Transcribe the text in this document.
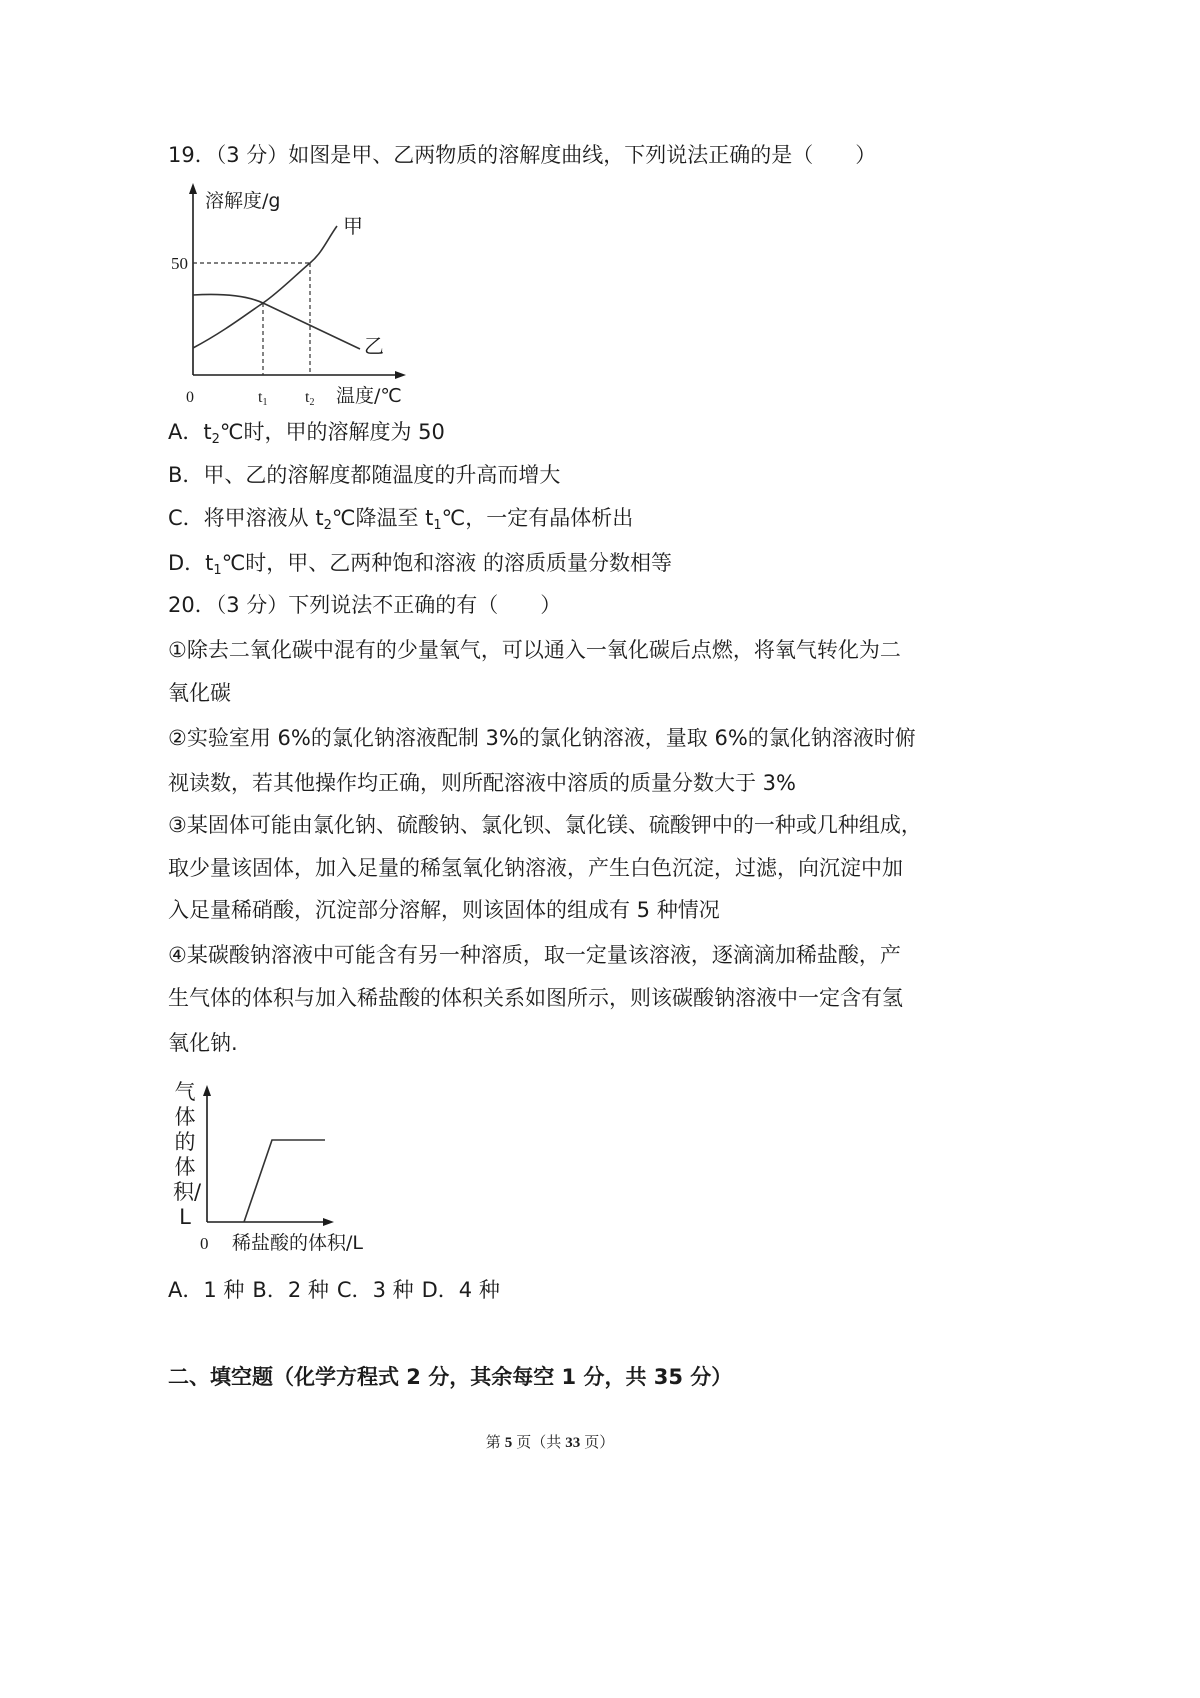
19．（3 分）如图是甲、乙两物质的溶解度曲线，下列说法正确的是（　　）
溶解度/g
甲
50
乙
0	t1 t2 温度/℃
A．$t_2℃$时，甲的溶解度为 50
B．甲、乙的溶解度都随温度的升高而增大
C．将甲溶液从 $t_2℃$降温至 $t_1℃$，一定有晶体析出
D．$t_1℃$时，甲、乙两种饱和溶液 的溶质质量分数相等
20．（3 分）下列说法不正确的有（　　）
①除去二氧化碳中混有的少量氧气，可以通入一氧化碳后点燃，将氧气转化为二
氧化碳
②实验室用 6%的氯化钠溶液配制 3%的氯化钠溶液，量取 6%的氯化钠溶液时俯
视读数，若其他操作均正确，则所配溶液中溶质的质量分数大于 3%
③某固体可能由氯化钠、硫酸钠、氯化钡、氯化镁、硫酸钾中的一种或几种组成，
取少量该固体，加入足量的稀氢氧化钠溶液，产生白色沉淀，过滤，向沉淀中加
入足量稀硝酸，沉淀部分溶解，则该固体的组成有 5 种情况
④某碳酸钠溶液中可能含有另一种溶质，取一定量该溶液，逐滴滴加稀盐酸，产
生气体的体积与加入稀盐酸的体积关系如图所示，则该碳酸钠溶液中一定含有氢
氧化钠.
0 稀盐酸的体积/L
气体的体积/L
A．1 种 B．2 种 C．3 种 D．4 种
二、填空题（化学方程式 2 分，其余每空 1 分，共 35 分）
第 5 页（共 33 页）
